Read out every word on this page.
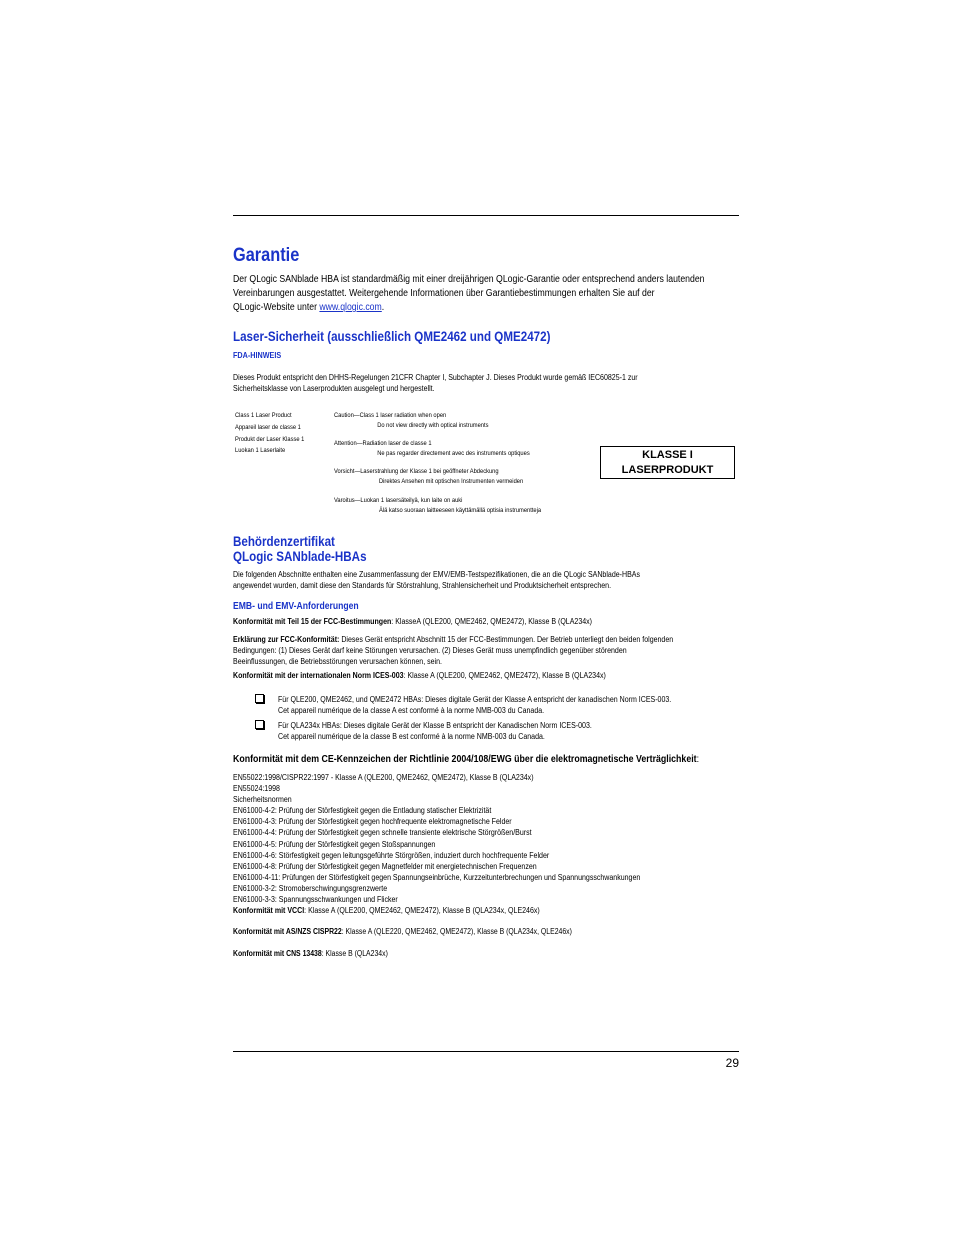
Garantie
Der QLogic SANblade HBA ist standardmäßig mit einer dreijährigen QLogic-Garantie oder entsprechend anders lautenden
Vereinbarungen ausgestattet. Weitergehende Informationen über Garantiebestimmungen erhalten Sie auf der
QLogic-Website unter www.qlogic.com.
Laser-Sicherheit (ausschließlich QME2462 und QME2472)
FDA-HINWEIS
Dieses Produkt entspricht den DHHS-Regelungen 21CFR Chapter I, Subchapter J. Dieses Produkt wurde gemäß IEC60825-1 zur
Sicherheitsklasse von Laserprodukten ausgelegt und hergestellt.
Class 1 Laser Product
Appareil laser de classe 1
Produkt der Laser Klasse 1
Luokan 1 Laserlaite
Caution—Class 1 laser radiation when open
Do not view directly with optical instruments
Attention—Radiation laser de classe 1
Ne pas regarder directement avec des instruments optiques
Vorsicht—Laserstrahlung der Klasse 1 bei geöffneter Abdeckung
Direktes Ansehen mit optischen Instrumenten vermeiden
Varoitus—Luokan 1 lasersäteilyä, kun laite on auki
Älä katso suoraan laitteeseen käyttämällä optisia instrumentteja
KLASSE I
LASERPRODUKT
Behördenzertifikat
QLogic SANblade-HBAs
Die folgenden Abschnitte enthalten eine Zusammenfassung der EMV/EMB-Testspezifikationen, die an die QLogic SANblade-HBAs
angewendet wurden, damit diese den Standards für Störstrahlung, Strahlensicherheit und Produktsicherheit entsprechen.
EMB- und EMV-Anforderungen
Konformität mit Teil 15 der FCC-Bestimmungen: KlasseA (QLE200, QME2462, QME2472), Klasse B (QLA234x)
Erklärung zur FCC-Konformität: Dieses Gerät entspricht Abschnitt 15 der FCC-Bestimmungen. Der Betrieb unterliegt den beiden folgenden
Bedingungen: (1) Dieses Gerät darf keine Störungen verursachen. (2) Dieses Gerät muss unempfindlich gegenüber störenden
Beeinflussungen, die Betriebsstörungen verursachen können, sein.
Konformität mit der internationalen Norm ICES-003: Klasse A (QLE200, QME2462, QME2472), Klasse B (QLA234x)
Für QLE200, QME2462, und QME2472 HBAs: Dieses digitale Gerät der Klasse A entspricht der kanadischen Norm ICES-003.
Cet appareil numérique de la classe A est conformé à la norme NMB-003 du Canada.
Für QLA234x HBAs: Dieses digitale Gerät der Klasse B entspricht der Kanadischen Norm ICES-003.
Cet appareil numérique de la classe B est conformé à la norme NMB-003 du Canada.
Konformität mit dem CE-Kennzeichen der Richtlinie 2004/108/EWG über die elektromagnetische Verträglichkeit:
EN55022:1998/CISPR22:1997 - Klasse A (QLE200, QME2462, QME2472), Klasse B (QLA234x)
EN55024:1998
Sicherheitsnormen
EN61000-4-2: Prüfung der Störfestigkeit gegen die Entladung statischer Elektrizität
EN61000-4-3: Prüfung der Störfestigkeit gegen hochfrequente elektromagnetische Felder
EN61000-4-4: Prüfung der Störfestigkeit gegen schnelle transiente elektrische Störgrößen/Burst
EN61000-4-5: Prüfung der Störfestigkeit gegen Stoßspannungen
EN61000-4-6: Störfestigkeit gegen leitungsgeführte Störgrößen, induziert durch hochfrequente Felder
EN61000-4-8: Prüfung der Störfestigkeit gegen Magnetfelder mit energietechnischen Frequenzen
EN61000-4-11: Prüfungen der Störfestigkeit gegen Spannungseinbrüche, Kurzzeitunterbrechungen und Spannungsschwankungen
EN61000-3-2: Stromoberschwingungsgrenzwerte
EN61000-3-3: Spannungsschwankungen und Flicker
Konformität mit VCCI: Klasse A (QLE200, QME2462, QME2472), Klasse B (QLA234x, QLE246x)
Konformität mit AS/NZS CISPR22: Klasse A (QLE220, QME2462, QME2472), Klasse B (QLA234x, QLE246x)
Konformität mit CNS 13438: Klasse B (QLA234x)
29
